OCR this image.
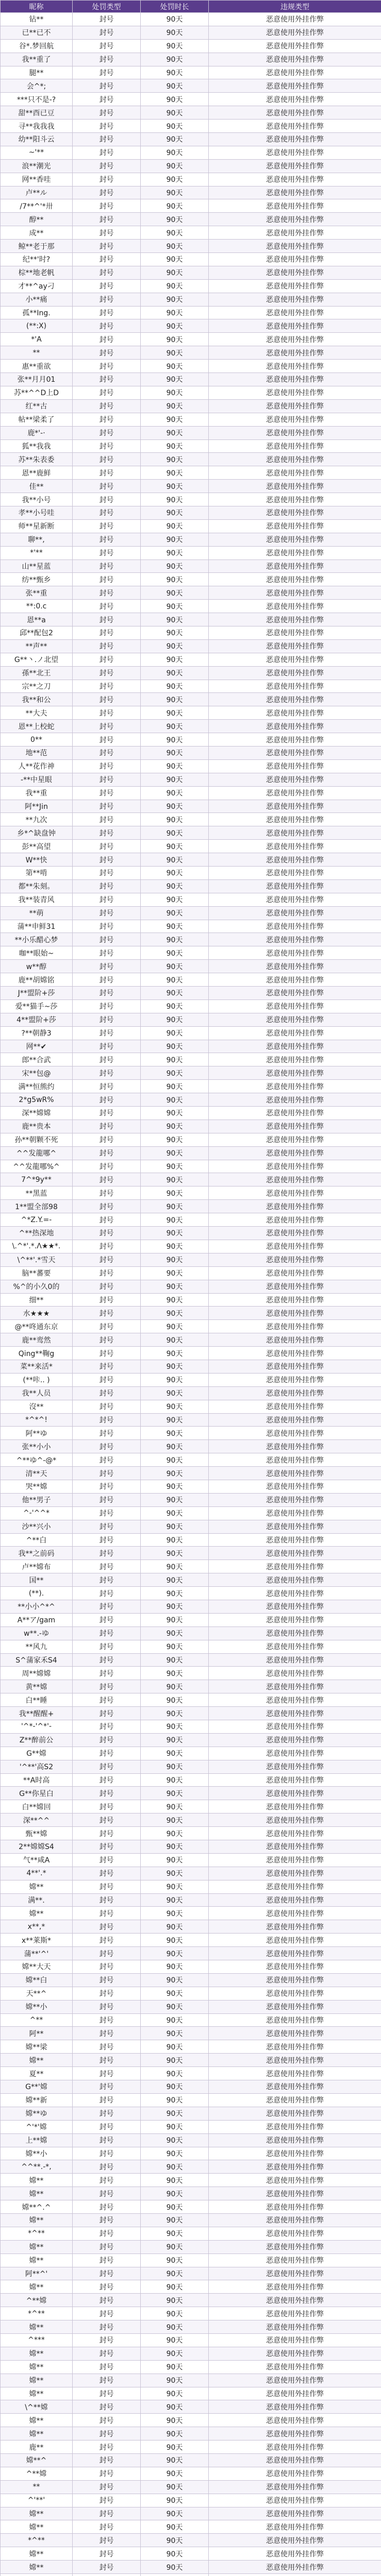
昵称	处罚类型	处罚时长	违规类型
钻**	封号	90天	恶意使用外挂作弊
已**已不	封号	90天	恶意使用外挂作弊
谷*.梦回航	封号	90天	恶意使用外挂作弊
我**重了	封号	90天	恶意使用外挂作弊
腿**	封号	90天	恶意使用外挂作弊
会^*;	封号	90天	恶意使用外挂作弊
***只不是-?	封号	90天	恶意使用外挂作弊
甜**酉已豆	封号	90天	恶意使用外挂作弊
寻**我我我	封号	90天	恶意使用外挂作弊
幼**阳斗云	封号	90天	恶意使用外挂作弊
~'**	封号	90天	恶意使用外挂作弊
浪**潮光	封号	90天	恶意使用外挂作弊
网**香哇	封号	90天	恶意使用外挂作弊
卢**ル	封号	90天	恶意使用外挂作弊
/7**^'*卅	封号	90天	恶意使用外挂作弊
醇**	封号	90天	恶意使用外挂作弊
成**	封号	90天	恶意使用外挂作弊
鲸**老于那	封号	90天	恶意使用外挂作弊
纪**'时?	封号	90天	恶意使用外挂作弊
棕**地老帆	封号	90天	恶意使用外挂作弊
才**^ay刁	封号	90天	恶意使用外挂作弊
小**痛	封号	90天	恶意使用外挂作弊
孤**Ing.	封号	90天	恶意使用外挂作弊
(**:X)	封号	90天	恶意使用外挂作弊
*'A	封号	90天	恶意使用外挂作弊
**	封号	90天	恶意使用外挂作弊
惠**重欲	封号	90天	恶意使用外挂作弊
张**月月01	封号	90天	恶意使用外挂作弊
苏**^^D上D	封号	90天	恶意使用外挂作弊
红**古	封号	90天	恶意使用外挂作弊
帖**梁柔了	封号	90天	恶意使用外挂作弊
鹿*'-·	封号	90天	恶意使用外挂作弊
狐**我我	封号	90天	恶意使用外挂作弊
苏**朱表委	封号	90天	恶意使用外挂作弊
恩**鹿鲜	封号	90天	恶意使用外挂作弊
佳**	封号	90天	恶意使用外挂作弊
我**小号	封号	90天	恶意使用外挂作弊
孝**小号哇	封号	90天	恶意使用外挂作弊
师**星新断	封号	90天	恶意使用外挂作弊
聊**,	封号	90天	恶意使用外挂作弊
*'**	封号	90天	恶意使用外挂作弊
山**星蓝	封号	90天	恶意使用外挂作弊
纺**甄乡	封号	90天	恶意使用外挂作弊
张**重	封号	90天	恶意使用外挂作弊
**:0.c	封号	90天	恶意使用外挂作弊
恩**a	封号	90天	恶意使用外挂作弊
邱**配包2	封号	90天	恶意使用外挂作弊
**声**	封号	90天	恶意使用外挂作弊
G**丶.ノ北望	封号	90天	恶意使用外挂作弊
孫**北王	封号	90天	恶意使用外挂作弊
宗**之刀	封号	90天	恶意使用外挂作弊
我**和公	封号	90天	恶意使用外挂作弊
**大夫	封号	90天	恶意使用外挂作弊
恩**上校蛇	封号	90天	恶意使用外挂作弊
0**	封号	90天	恶意使用外挂作弊
地**范	封号	90天	恶意使用外挂作弊
人**花作神	封号	90天	恶意使用外挂作弊
-**中星眼	封号	90天	恶意使用外挂作弊
我**重	封号	90天	恶意使用外挂作弊
阿**Jin	封号	90天	恶意使用外挂作弊
**九次	封号	90天	恶意使用外挂作弊
乡*^缺盘钟	封号	90天	恶意使用外挂作弊
彭**高望	封号	90天	恶意使用外挂作弊
W**快	封号	90天	恶意使用外挂作弊
第**啃	封号	90天	恶意使用外挂作弊
都**朱刻。	封号	90天	恶意使用外挂作弊
我**装青风	封号	90天	恶意使用外挂作弊
**萌	封号	90天	恶意使用外挂作弊
蒲**申鲜31	封号	90天	恶意使用外挂作弊
**小乐醋心梦	封号	90天	恶意使用外挂作弊
咖**眼始~	封号	90天	恶意使用外挂作弊
w**醇	封号	90天	恶意使用外挂作弊
鹿**胡嫦铭	封号	90天	恶意使用外挂作弊
J**盟阶+莎	封号	90天	恶意使用外挂作弊
爱**猫手~莎	封号	90天	恶意使用外挂作弊
4**盟阶+莎	封号	90天	恶意使用外挂作弊
?**朝静3	封号	90天	恶意使用外挂作弊
网**✔	封号	90天	恶意使用外挂作弊
郎**合武	封号	90天	恶意使用外挂作弊
宋**包@	封号	90天	恶意使用外挂作弊
满**恒熊约	封号	90天	恶意使用外挂作弊
2*g5wR%	封号	90天	恶意使用外挂作弊
深**嫦嫦	封号	90天	恶意使用外挂作弊
鹿**贵本	封号	90天	恶意使用外挂作弊
孙**朝颗不死	封号	90天	恶意使用外挂作弊
^^发龍哪^	封号	90天	恶意使用外挂作弊
^^发龍哪%^	封号	90天	恶意使用外挂作弊
7^*9y**	封号	90天	恶意使用外挂作弊
**黑蓝	封号	90天	恶意使用外挂作弊
1**盟全部98	封号	90天	恶意使用外挂作弊
^*Z.Y.=-	封号	90天	恶意使用外挂作弊
^**热深地	封号	90天	恶意使用外挂作弊
\.^*'.*.Λ★★*.	封号	90天	恶意使用外挂作弊
\^**'.*雪天	封号	90天	恶意使用外挂作弊
脑**蕃要	封号	90天	恶意使用外挂作弊
%^的小久0的	封号	90天	恶意使用外挂作弊
细**	封号	90天	恶意使用外挂作弊
水★★★	封号	90天	恶意使用外挂作弊
@**咚通东京	封号	90天	恶意使用外挂作弊
鹿**鸾然	封号	90天	恶意使用外挂作弊
Qing**鞠g	封号	90天	恶意使用外挂作弊
菜**来活*	封号	90天	恶意使用外挂作弊
(**咔.. )	封号	90天	恶意使用外挂作弊
我**人员	封号	90天	恶意使用外挂作弊
沒**	封号	90天	恶意使用外挂作弊
*^*^!	封号	90天	恶意使用外挂作弊
阿**ゆ	封号	90天	恶意使用外挂作弊
张**小小	封号	90天	恶意使用外挂作弊
^**ゆ^-@*	封号	90天	恶意使用外挂作弊
清**天	封号	90天	恶意使用外挂作弊
哭**嫦	封号	90天	恶意使用外挂作弊
他**男子	封号	90天	恶意使用外挂作弊
^-'^^*	封号	90天	恶意使用外挂作弊
沙**兴小	封号	90天	恶意使用外挂作弊
^**白	封号	90天	恶意使用外挂作弊
我**之前码	封号	90天	恶意使用外挂作弊
卢**嫦布	封号	90天	恶意使用外挂作弊
国**	封号	90天	恶意使用外挂作弊
(**).	封号	90天	恶意使用外挂作弊
**小小^*^	封号	90天	恶意使用外挂作弊
A**ア/gam	封号	90天	恶意使用外挂作弊
w**.-ゆ	封号	90天	恶意使用外挂作弊
**风九	封号	90天	恶意使用外挂作弊
S^蒲家禾S4	封号	90天	恶意使用外挂作弊
周**嫦嫦	封号	90天	恶意使用外挂作弊
黄**嫦	封号	90天	恶意使用外挂作弊
白**睡	封号	90天	恶意使用外挂作弊
我**醒醒+	封号	90天	恶意使用外挂作弊
'^*-'^*'-	封号	90天	恶意使用外挂作弊
Z**醉前公	封号	90天	恶意使用外挂作弊
G**嫦	封号	90天	恶意使用外挂作弊
'^**'高S2	封号	90天	恶意使用外挂作弊
**A时高	封号	90天	恶意使用外挂作弊
G**你星白	封号	90天	恶意使用外挂作弊
白**嫦回	封号	90天	恶意使用外挂作弊
深**^^	封号	90天	恶意使用外挂作弊
甄**嫦	封号	90天	恶意使用外挂作弊
2**嫦嫦S4	封号	90天	恶意使用外挂作弊
气**咸A	封号	90天	恶意使用外挂作弊
4**'.*	封号	90天	恶意使用外挂作弊
嫦**	封号	90天	恶意使用外挂作弊
满**.	封号	90天	恶意使用外挂作弊
嫦**	封号	90天	恶意使用外挂作弊
x**,*	封号	90天	恶意使用外挂作弊
x**莱斯*	封号	90天	恶意使用外挂作弊
蒲**'^'	封号	90天	恶意使用外挂作弊
嫦**大天	封号	90天	恶意使用外挂作弊
嫦**白	封号	90天	恶意使用外挂作弊
天**^	封号	90天	恶意使用外挂作弊
嫦**小	封号	90天	恶意使用外挂作弊
^**	封号	90天	恶意使用外挂作弊
阿**	封号	90天	恶意使用外挂作弊
嫦**梁	封号	90天	恶意使用外挂作弊
嫦**	封号	90天	恶意使用外挂作弊
夏**	封号	90天	恶意使用外挂作弊
G**'嫦	封号	90天	恶意使用外挂作弊
嫦**新	封号	90天	恶意使用外挂作弊
嫦**ゆ	封号	90天	恶意使用外挂作弊
^'*'嫦	封号	90天	恶意使用外挂作弊
上**嫦	封号	90天	恶意使用外挂作弊
嫦**小	封号	90天	恶意使用外挂作弊
^^**.-*,	封号	90天	恶意使用外挂作弊
嫦**	封号	90天	恶意使用外挂作弊
嫦**	封号	90天	恶意使用外挂作弊
嫦**^.^	封号	90天	恶意使用外挂作弊
嫦**	封号	90天	恶意使用外挂作弊
*^**	封号	90天	恶意使用外挂作弊
嫦**	封号	90天	恶意使用外挂作弊
嫦**	封号	90天	恶意使用外挂作弊
阿**^'	封号	90天	恶意使用外挂作弊
嫦**	封号	90天	恶意使用外挂作弊
^**嫦	封号	90天	恶意使用外挂作弊
*^**	封号	90天	恶意使用外挂作弊
嫦**	封号	90天	恶意使用外挂作弊
^***	封号	90天	恶意使用外挂作弊
嫦**	封号	90天	恶意使用外挂作弊
嫦**	封号	90天	恶意使用外挂作弊
嫦**	封号	90天	恶意使用外挂作弊
嫦**	封号	90天	恶意使用外挂作弊
\^**嫦	封号	90天	恶意使用外挂作弊
嫦**	封号	90天	恶意使用外挂作弊
嫦**	封号	90天	恶意使用外挂作弊
鹿**	封号	90天	恶意使用外挂作弊
嫦**^	封号	90天	恶意使用外挂作弊
^**嫦	封号	90天	恶意使用外挂作弊
**	封号	90天	恶意使用外挂作弊
^'**'	封号	90天	恶意使用外挂作弊
嫦**	封号	90天	恶意使用外挂作弊
嫦**	封号	90天	恶意使用外挂作弊
*^**	封号	90天	恶意使用外挂作弊
嫦**	封号	90天	恶意使用外挂作弊
嫦**	封号	90天	恶意使用外挂作弊
